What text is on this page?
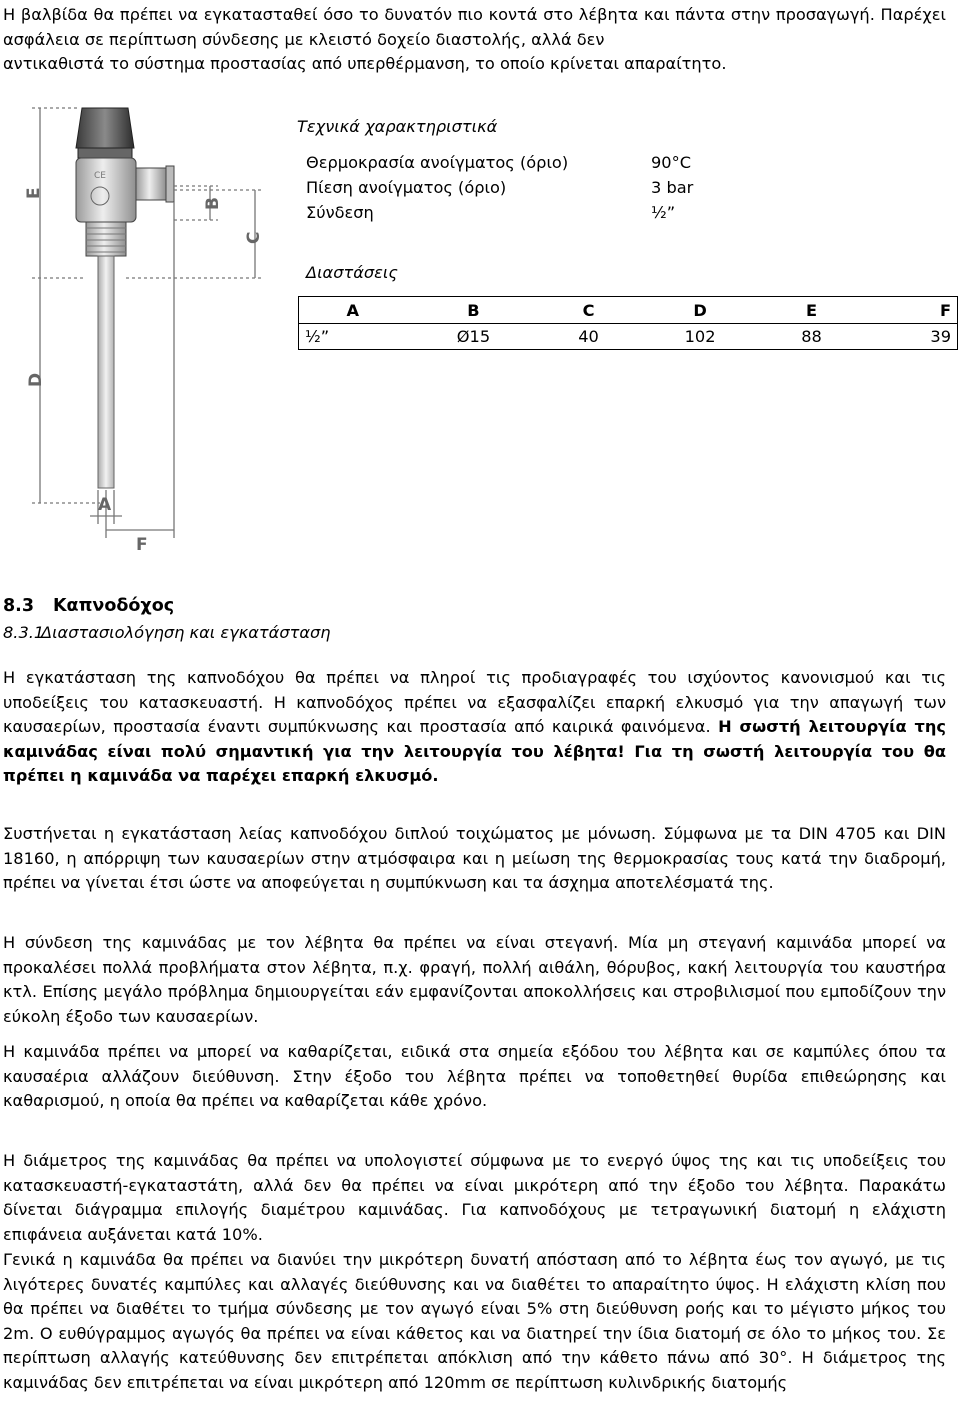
Η βαλβίδα θα πρέπει να εγκατασταθεί όσο το δυνατόν πιο κοντά στο λέβητα και πάντα στην προσαγωγή. Παρέχει ασφάλεια σε περίπτωση σύνδεσης με κλειστό δοχείο διαστολής, αλλά δεν

αντικαθιστά το σύστημα προστασίας από υπερθέρμανση, το οποίο κρίνεται απαραίτητο.

CE
E
D
B
C
A
F
Τεχνικά χαρακτηριστικά
Θερμοκρασία ανοίγματος (όριο)	90°C
Πίεση ανοίγματος (όριο)	3 bar
Σύνδεση	½”
Διαστάσεις
A	B	C	D	E	F
½”	Ø15	40	102	88	39
8.3 Καπνοδόχος
8.3.1Διαστασιολόγηση και εγκατάσταση

Η εγκατάσταση της καπνοδόχου θα πρέπει να πληροί τις προδιαγραφές του ισχύοντος κανονισμού και τις υποδείξεις του κατασκευαστή. Η καπνοδόχος πρέπει να εξασφαλίζει επαρκή ελκυσμό για την απαγωγή των καυσαερίων, προστασία έναντι συμπύκνωσης και προστασία από καιρικά φαινόμενα. Η σωστή λειτουργία της καμινάδας είναι πολύ σημαντική για την λειτουργία του λέβητα! Για τη σωστή λειτουργία του θα πρέπει η καμινάδα να παρέχει επαρκή ελκυσμό.

Συστήνεται η εγκατάσταση λείας καπνοδόχου διπλού τοιχώματος με μόνωση. Σύμφωνα με τα DIN 4705 και DIN 18160, η απόρριψη των καυσαερίων στην ατμόσφαιρα και η μείωση της θερμοκρασίας τους κατά την διαδρομή, πρέπει να γίνεται έτσι ώστε να αποφεύγεται η συμπύκνωση και τα άσχημα αποτελέσματά της.

Η σύνδεση της καμινάδας με τον λέβητα θα πρέπει να είναι στεγανή. Μία μη στεγανή καμινάδα μπορεί να προκαλέσει πολλά προβλήματα στον λέβητα, π.χ. φραγή, πολλή αιθάλη, θόρυβος, κακή λειτουργία του καυστήρα κτλ. Επίσης μεγάλο πρόβλημα δημιουργείται εάν εμφανίζονται αποκολλήσεις και στροβιλισμοί που εμποδίζουν την εύκολη έξοδο των καυσαερίων.

Η καμινάδα πρέπει να μπορεί να καθαρίζεται, ειδικά στα σημεία εξόδου του λέβητα και σε καμπύλες όπου τα καυσαέρια αλλάζουν διεύθυνση. Στην έξοδο του λέβητα πρέπει να τοποθετηθεί θυρίδα επιθεώρησης και καθαρισμού, η οποία θα πρέπει να καθαρίζεται κάθε χρόνο.

Η διάμετρος της καμινάδας θα πρέπει να υπολογιστεί σύμφωνα με το ενεργό ύψος της και τις υποδείξεις του κατασκευαστή-εγκαταστάτη, αλλά δεν θα πρέπει να είναι μικρότερη από την έξοδο του λέβητα. Παρακάτω δίνεται διάγραμμα επιλογής διαμέτρου καμινάδας. Για καπνοδόχους με τετραγωνική διατομή η ελάχιστη επιφάνεια αυξάνεται κατά 10%.

Γενικά η καμινάδα θα πρέπει να διανύει την μικρότερη δυνατή απόσταση από το λέβητα έως τον αγωγό, με τις λιγότερες δυνατές καμπύλες και αλλαγές διεύθυνσης και να διαθέτει το απαραίτητο ύψος. Η ελάχιστη κλίση που θα πρέπει να διαθέτει το τμήμα σύνδεσης με τον αγωγό είναι 5% στη διεύθυνση ροής και το μέγιστο μήκος του 2m. Ο ευθύγραμμος αγωγός θα πρέπει να είναι κάθετος και να διατηρεί την ίδια διατομή σε όλο το μήκος του. Σε περίπτωση αλλαγής κατεύθυνσης δεν επιτρέπεται απόκλιση από την κάθετο πάνω από 30°. Η διάμετρος της καμινάδας δεν επιτρέπεται να είναι μικρότερη από 120mm σε περίπτωση κυλινδρικής διατομής
